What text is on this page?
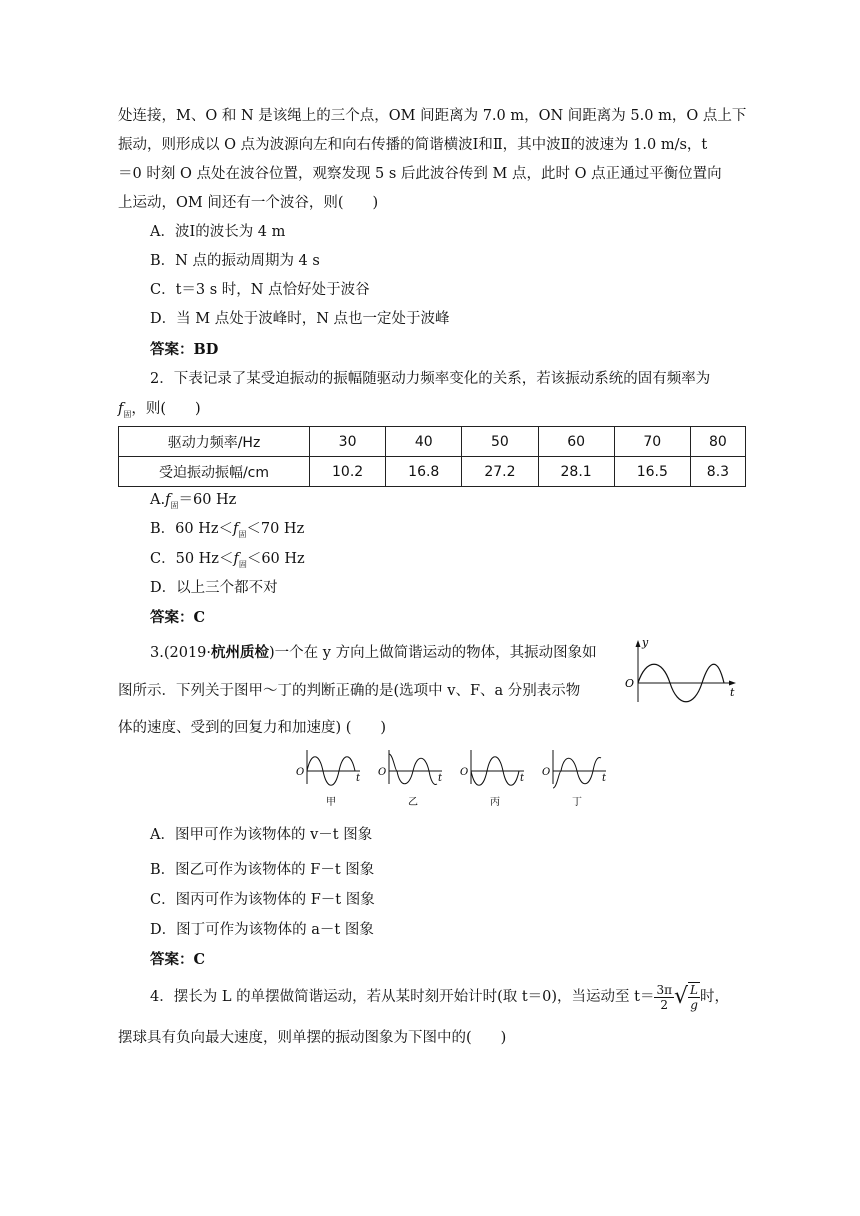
处连接，M、O 和 N 是该绳上的三个点，OM 间距离为 7.0 m，ON 间距离为 5.0 m，O 点上下
振动，则形成以 O 点为波源向左和向右传播的简谐横波Ⅰ和Ⅱ，其中波Ⅱ的波速为 1.0 m/s，t
＝0 时刻 O 点处在波谷位置，观察发现 5 s 后此波谷传到 M 点，此时 O 点正通过平衡位置向
上运动，OM 间还有一个波谷，则(　　)
A．波Ⅰ的波长为 4 m
B．N 点的振动周期为 4 s
C．t＝3 s 时，N 点恰好处于波谷
D．当 M 点处于波峰时，N 点也一定处于波峰
答案：BD
2．下表记录了某受迫振动的振幅随驱动力频率变化的关系，若该振动系统的固有频率为
$f_固$，则(　　)
驱动力频率/Hz	30	40	50	60	70	80
受迫振动振幅/cm	10.2	16.8	27.2	28.1	16.5	8.3
$A.f_固=60$ Hz
B．60 $Hz<f_固<70$ Hz
C．50 $Hz<f_固<60$ Hz
D．以上三个都不对
答案：C
3.(2019·杭州质检)一个在 y 方向上做简谐运动的物体，其振动图象如
图所示．下列关于图甲～丁的判断正确的是(选项中 v、F、a 分别表示物
体的速度、受到的回复力和加速度) (　　)
y
O
t
O
t
甲
O
t
乙
O
t
丙
O
t
丁
A．图甲可作为该物体的 v－t 图象
B．图乙可作为该物体的 F－t 图象
C．图丙可作为该物体的 F－t 图象
D．图丁可作为该物体的 a－t 图象
答案：C
4．摆长为 L 的单摆做简谐运动，若从某时刻开始计时(取 t＝0)，当运动至 $t= \frac{3\pi}{2}$ √ $\frac{L}{g}$ 时，
摆球具有负向最大速度，则单摆的振动图象为下图中的(　　)
